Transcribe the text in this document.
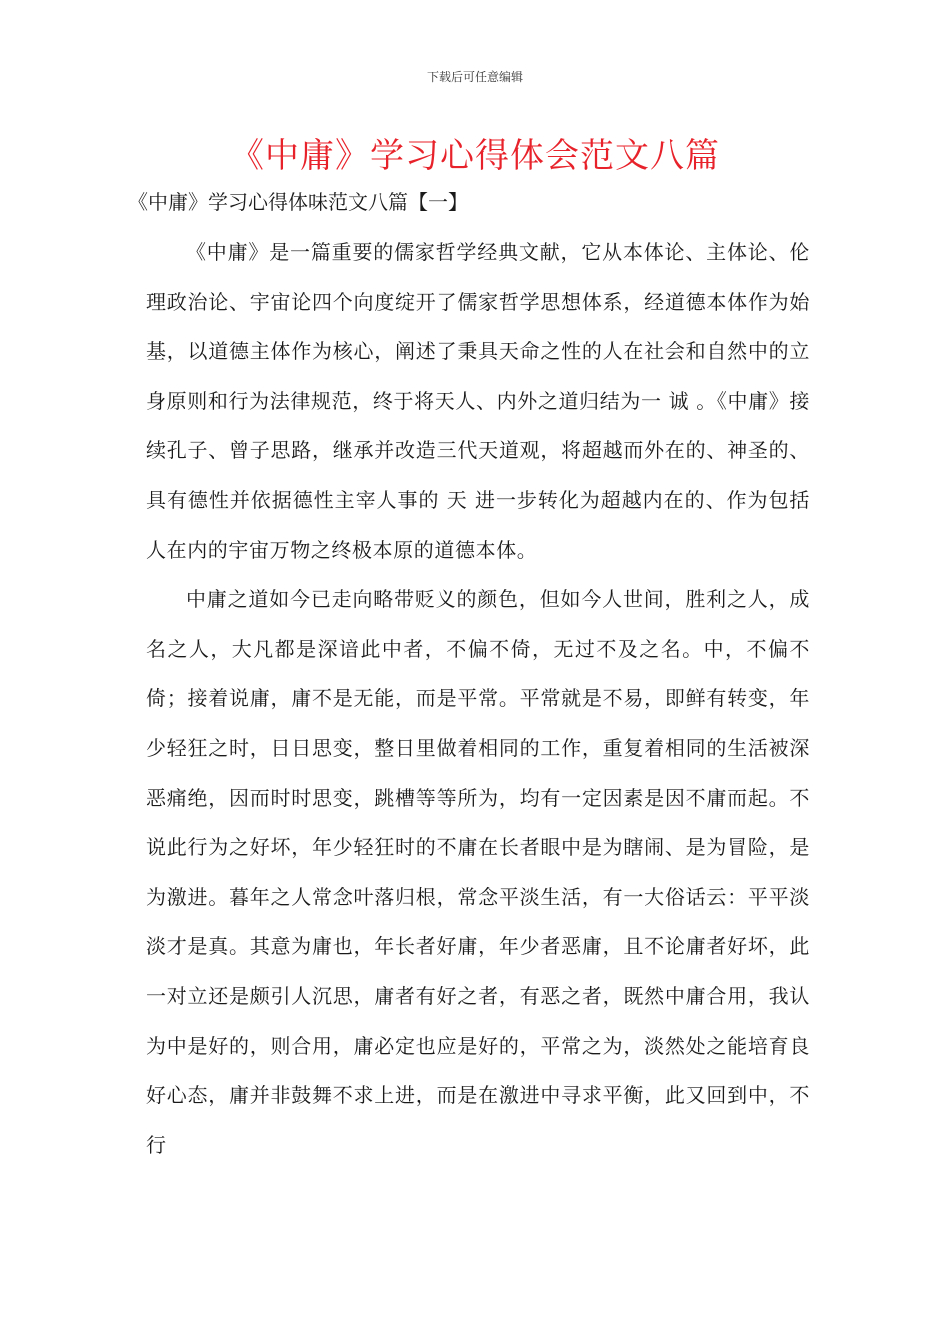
下载后可任意编辑
《中庸》学习心得体会范文八篇
《中庸》学习心得体味范文八篇【一】

《中庸》是一篇重要的儒家哲学经典文献，它从本体论、主体论、伦理政治论、宇宙论四个向度绽开了儒家哲学思想体系，经道德本体作为始基，以道德主体作为核心，阐述了秉具天命之性的人在社会和自然中的立身原则和行为法律规范，终于将天人、内外之道归结为一 诚 。《中庸》接续孔子、曾子思路，继承并改造三代天道观，将超越而外在的、神圣的、具有德性并依据德性主宰人事的 天 进一步转化为超越内在的、作为包括人在内的宇宙万物之终极本原的道德本体。

中庸之道如今已走向略带贬义的颜色，但如今人世间，胜利之人，成名之人，大凡都是深谙此中者，不偏不倚，无过不及之名。中，不偏不倚；接着说庸，庸不是无能，而是平常。平常就是不易，即鲜有转变，年少轻狂之时，日日思变，整日里做着相同的工作，重复着相同的生活被深恶痛绝，因而时时思变，跳槽等等所为，均有一定因素是因不庸而起。不说此行为之好坏，年少轻狂时的不庸在长者眼中是为瞎闹、是为冒险，是为激进。暮年之人常念叶落归根，常念平淡生活，有一大俗话云：平平淡淡才是真。其意为庸也，年长者好庸，年少者恶庸，且不论庸者好坏，此一对立还是颇引人沉思，庸者有好之者，有恶之者，既然中庸合用，我认为中是好的，则合用，庸必定也应是好的，平常之为，淡然处之能培育良好心态，庸并非鼓舞不求上进，而是在激进中寻求平衡，此又回到中，不行
